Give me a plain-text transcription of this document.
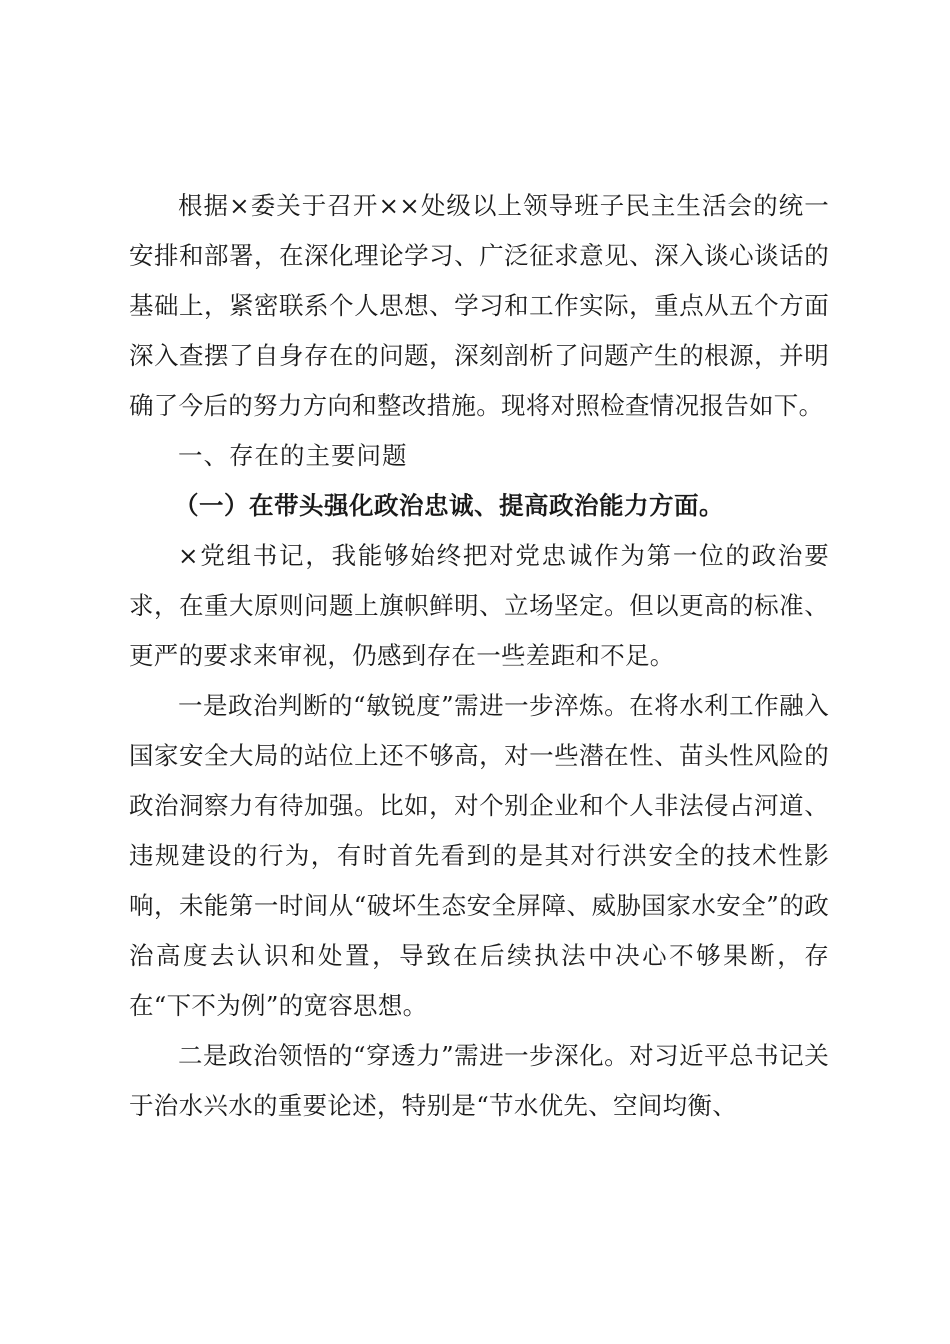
根据×委关于召开××处级以上领导班子民主生活会的统一安排和部署，在深化理论学习、广泛征求意见、深入谈心谈话的基础上，紧密联系个人思想、学习和工作实际，重点从五个方面深入查摆了自身存在的问题，深刻剖析了问题产生的根源，并明确了今后的努力方向和整改措施。现将对照检查情况报告如下。

一、存在的主要问题

（一）在带头强化政治忠诚、提高政治能力方面。

×党组书记，我能够始终把对党忠诚作为第一位的政治要求，在重大原则问题上旗帜鲜明、立场坚定。但以更高的标准、更严的要求来审视，仍感到存在一些差距和不足。

一是政治判断的“敏锐度”需进一步淬炼。在将水利工作融入国家安全大局的站位上还不够高，对一些潜在性、苗头性风险的政治洞察力有待加强。比如，对个别企业和个人非法侵占河道、违规建设的行为，有时首先看到的是其对行洪安全的技术性影响，未能第一时间从“破坏生态安全屏障、威胁国家水安全”的政治高度去认识和处置，导致在后续执法中决心不够果断，存在“下不为例”的宽容思想。

二是政治领悟的“穿透力”需进一步深化。对习近平总书记关于治水兴水的重要论述，特别是“节水优先、空间均衡、
